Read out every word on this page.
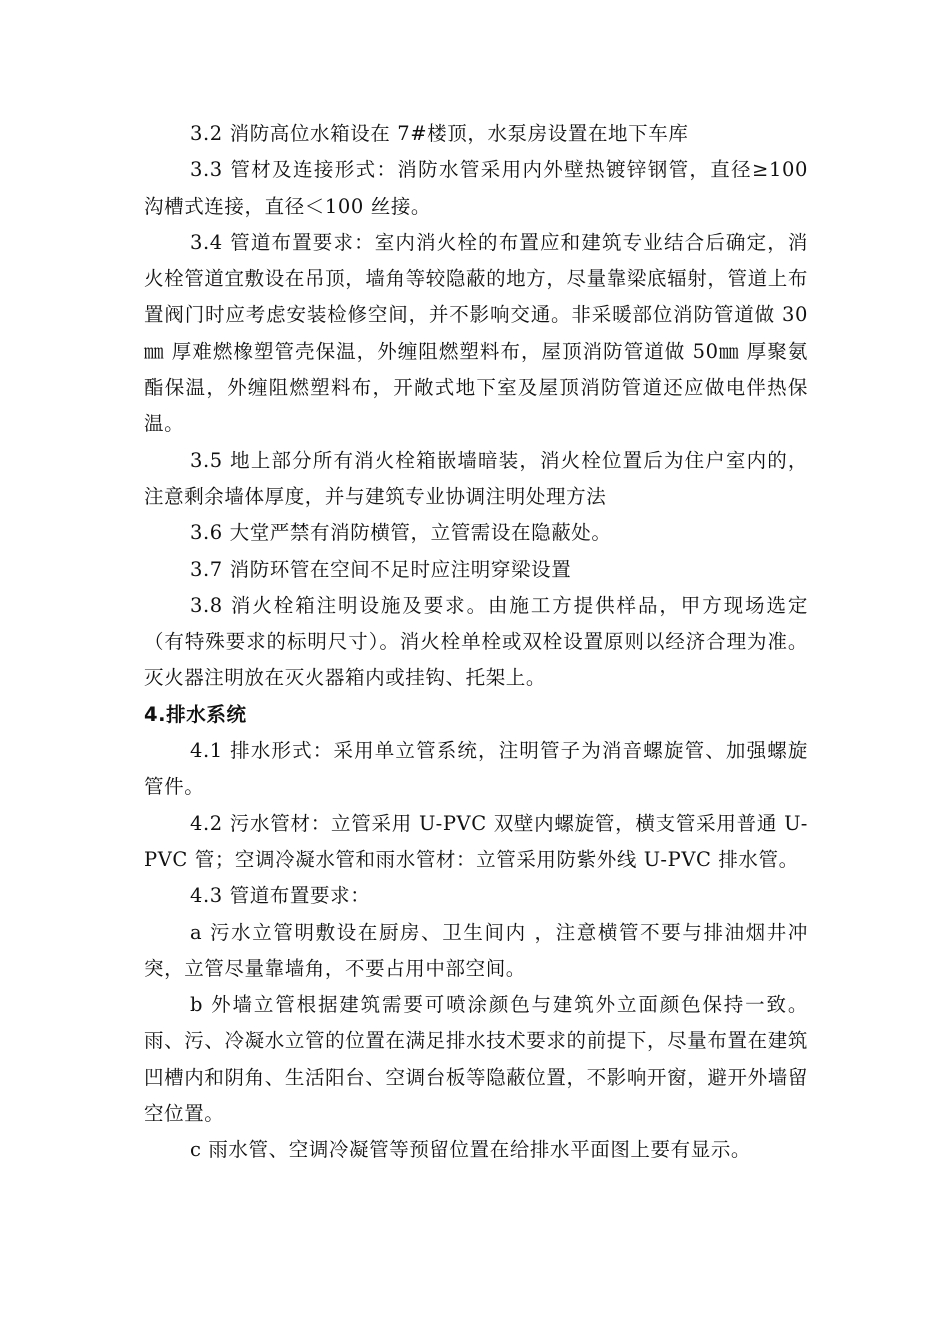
3.2 消防高位水箱设在 7#楼顶，水泵房设置在地下车库

3.3 管材及连接形式：消防水管采用内外壁热镀锌钢管，直径≥100 沟槽式连接，直径＜100 丝接。

3.4 管道布置要求：室内消火栓的布置应和建筑专业结合后确定，消火栓管道宜敷设在吊顶，墙角等较隐蔽的地方，尽量靠梁底辐射，管道上布置阀门时应考虑安装检修空间，并不影响交通。非采暖部位消防管道做 30㎜ 厚难燃橡塑管壳保温，外缠阻燃塑料布，屋顶消防管道做 50㎜ 厚聚氨酯保温，外缠阻燃塑料布，开敞式地下室及屋顶消防管道还应做电伴热保温。

3.5 地上部分所有消火栓箱嵌墙暗装，消火栓位置后为住户室内的，注意剩余墙体厚度，并与建筑专业协调注明处理方法

3.6 大堂严禁有消防横管，立管需设在隐蔽处。

3.7 消防环管在空间不足时应注明穿梁设置

3.8 消火栓箱注明设施及要求。由施工方提供样品，甲方现场选定（有特殊要求的标明尺寸）。消火栓单栓或双栓设置原则以经济合理为准。灭火器注明放在灭火器箱内或挂钩、托架上。

4.排水系统

4.1 排水形式：采用单立管系统，注明管子为消音螺旋管、加强螺旋管件。

4.2 污水管材：立管采用 U-PVC 双壁内螺旋管，横支管采用普通 U-PVC 管；空调冷凝水管和雨水管材：立管采用防紫外线 U-PVC 排水管。

4.3 管道布置要求：

a 污水立管明敷设在厨房、卫生间内 ，注意横管不要与排油烟井冲突，立管尽量靠墙角，不要占用中部空间。

b 外墙立管根据建筑需要可喷涂颜色与建筑外立面颜色保持一致。雨、污、冷凝水立管的位置在满足排水技术要求的前提下，尽量布置在建筑凹槽内和阴角、生活阳台、空调台板等隐蔽位置，不影响开窗，避开外墙留空位置。

c 雨水管、空调冷凝管等预留位置在给排水平面图上要有显示。
